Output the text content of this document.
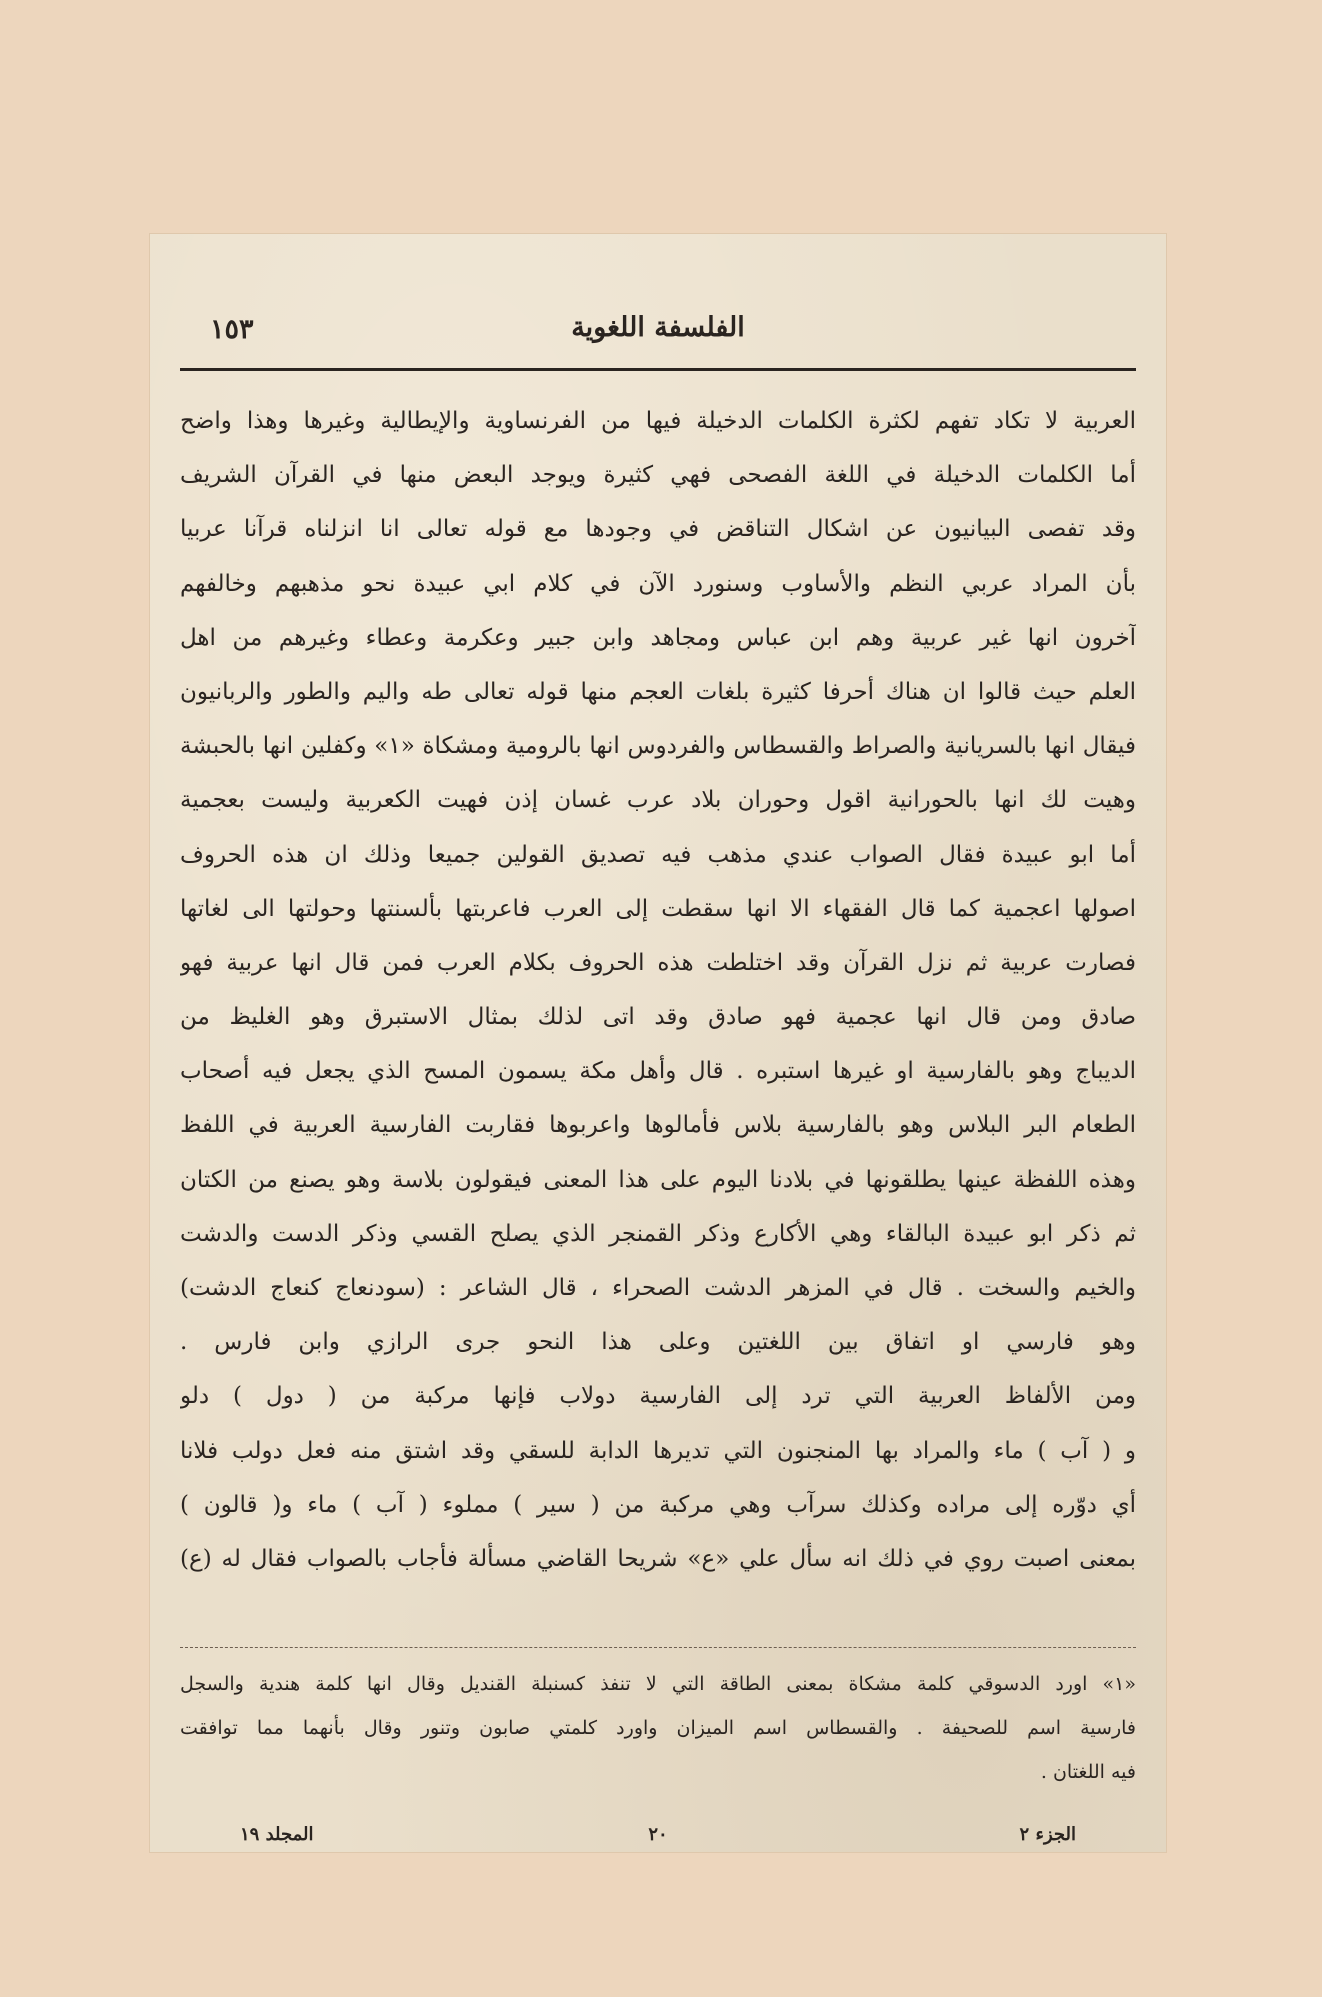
الفلسفة اللغوية
١٥٣
العربية لا تكاد تفهم لكثرة الكلمات الدخيلة فيها من الفرنساوية والإيطالية وغيرها وهذا واضح
أما الكلمات الدخيلة في اللغة الفصحى فهي كثيرة ويوجد البعض منها في القرآن الشريف
وقد تفصى البيانيون عن اشكال التناقض في وجودها مع قوله تعالى انا انزلناه قرآنا عربيا
بأن المراد عربي النظم والأساوب وسنورد الآن في كلام ابي عبيدة نحو مذهبهم وخالفهم
آخرون انها غير عربية وهم ابن عباس ومجاهد وابن جبير وعكرمة وعطاء وغيرهم من اهل
العلم حيث قالوا ان هناك أحرفا كثيرة بلغات العجم منها قوله تعالى طه واليم والطور والربانيون
فيقال انها بالسريانية والصراط والقسطاس والفردوس انها بالرومية ومشكاة «١» وكفلين انها بالحبشة
وهيت لك انها بالحورانية اقول وحوران بلاد عرب غسان إذن فهيت الكعربية وليست بعجمية
أما ابو عبيدة فقال الصواب عندي مذهب فيه تصديق القولين جميعا وذلك ان هذه الحروف
اصولها اعجمية كما قال الفقهاء الا انها سقطت إلى العرب فاعربتها بألسنتها وحولتها الى لغاتها
فصارت عربية ثم نزل القرآن وقد اختلطت هذه الحروف بكلام العرب فمن قال انها عربية فهو
صادق ومن قال انها عجمية فهو صادق وقد اتى لذلك بمثال الاستبرق وهو الغليظ من
الديباج وهو بالفارسية او غيرها استبره . قال وأهل مكة يسمون المسح الذي يجعل فيه أصحاب
الطعام البر البلاس وهو بالفارسية بلاس فأمالوها واعربوها فقاربت الفارسية العربية في اللفظ
وهذه اللفظة عينها يطلقونها في بلادنا اليوم على هذا المعنى فيقولون بلاسة وهو يصنع من الكتان
ثم ذكر ابو عبيدة البالقاء وهي الأكارع وذكر القمنجر الذي يصلح القسي وذكر الدست والدشت
والخيم والسخت . قال في المزهر الدشت الصحراء ، قال الشاعر : (سودنعاج كنعاج الدشت)
وهو فارسي او اتفاق بين اللغتين وعلى هذا النحو جرى الرازي وابن فارس .
ومن الألفاظ العربية التي ترد إلى الفارسية دولاب فإنها مركبة من ( دول ) دلو
و ( آب ) ماء والمراد بها المنجنون التي تديرها الدابة للسقي وقد اشتق منه فعل دولب فلانا
أي دوّره إلى مراده وكذلك سرآب وهي مركبة من ( سير ) مملوء ( آب ) ماء و( قالون )
بمعنى اصبت روي في ذلك انه سأل علي «ع» شريحا القاضي مسألة فأجاب بالصواب فقال له (ع)
«١» اورد الدسوقي كلمة مشكاة بمعنى الطاقة التي لا تنفذ كسنبلة القنديل وقال انها كلمة هندية والسجل
فارسية اسم للصحيفة . والقسطاس اسم الميزان واورد كلمتي صابون وتنور وقال بأنهما مما توافقت
فيه اللغتان .
الجزء ٢
٢٠
المجلد ١٩
